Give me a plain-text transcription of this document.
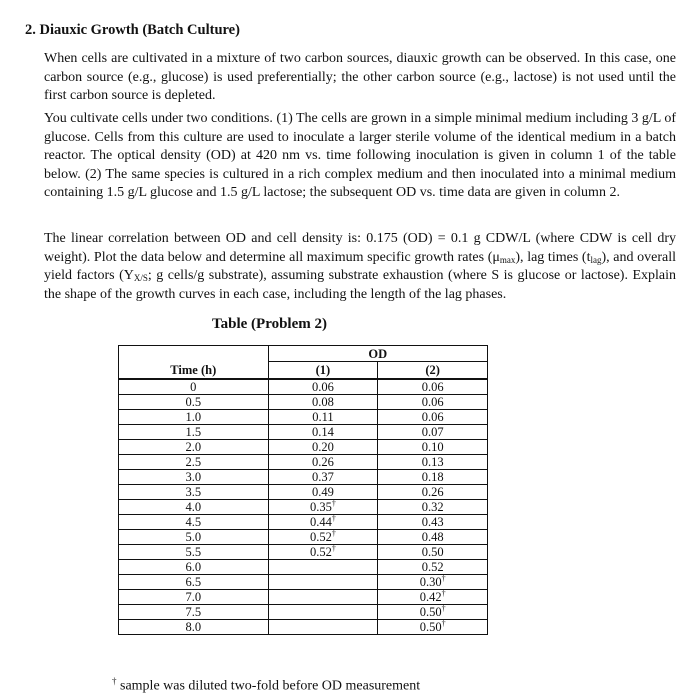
2. Diauxic Growth (Batch Culture)

When cells are cultivated in a mixture of two carbon sources, diauxic growth can be observed. In this case, one carbon source (e.g., glucose) is used preferentially; the other carbon source (e.g., lactose) is not used until the first carbon source is depleted.

You cultivate cells under two conditions. (1) The cells are grown in a simple minimal medium including 3 g/L of glucose. Cells from this culture are used to inoculate a larger sterile volume of the identical medium in a batch reactor. The optical density (OD) at 420 nm vs. time following inoculation is given in column 1 of the table below. (2) The same species is cultured in a rich complex medium and then inoculated into a minimal medium containing 1.5 g/L glucose and 1.5 g/L lactose; the subsequent OD vs. time data are given in column 2.

The linear correlation between OD and cell density is: 0.175 (OD) = 0.1 g CDW/L (where CDW is cell dry weight). Plot the data below and determine all maximum specific growth rates $(\mu_{max})$, lag times $(t_{lag})$, and overall yield factors ($Y_{X/S}$; g cells/g substrate), assuming substrate exhaustion (where S is glucose or lactose). Explain the shape of the growth curves in each case, including the length of the lag phases.

Table (Problem 2)

	OD	
Time (h)	(1)	(2)
0	0.06	0.06
0.5	0.08	0.06
1.0	0.11	0.06
1.5	0.14	0.07
2.0	0.20	0.10
2.5	0.26	0.13
3.0	0.37	0.18
3.5	0.49	0.26
4.0	0.35†	0.32
4.5	0.44†	0.43
5.0	0.52†	0.48
5.5	0.52†	0.50
6.0		0.52
6.5		0.30†
7.0		0.42†
7.5		0.50†
8.0		0.50†

† sample was diluted two-fold before OD measurement
